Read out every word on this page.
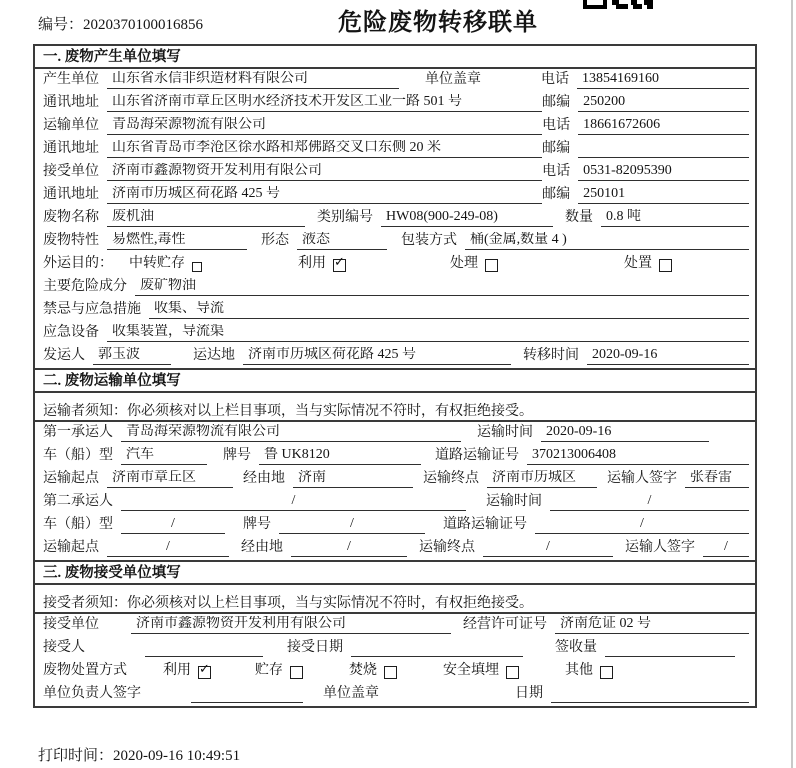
编号：2020370100016856	危险废物转移联单
一. 废物产生单位填写
产生单位 山东省永信非织造材料有限公司	单位盖章	电话 13854169160
通讯地址 山东省济南市章丘区明水经济技术开发区工业一路 501 号	邮编 250200
运输单位 青岛海荣源物流有限公司	电话 18661672606
通讯地址 山东省青岛市李沧区徐水路和郑佛路交叉口东侧 20 米	邮编
接受单位 济南市鑫源物资开发利用有限公司	电话 0531-82095390
通讯地址 济南市历城区荷花路 425 号	邮编 250101
废物名称 废机油	类别编号 HW08(900-249-08)	数量 0.8 吨
废物特性 易燃性,毒性	形态 液态	包装方式 桶(金属,数量 4 )
外运目的： 中转贮存	利用 ✓	处理	处置
主要危险成分 废矿物油
禁忌与应急措施 收集、导流
应急设备 收集装置，导流渠
发运人 郭玉波	运达地 济南市历城区荷花路 425 号	转移时间 2020-09-16
二. 废物运输单位填写
运输者须知：你必须核对以上栏目事项，当与实际情况不符时，有权拒绝接受。
第一承运人 青岛海荣源物流有限公司	运输时间 2020-09-16
车（船）型 汽车	牌号 鲁 UK8120	道路运输证号 370213006408
运输起点 济南市章丘区	经由地 济南	运输终点 济南市历城区	运输人签字 张春雷
第二承运人	/	运输时间	/
车（船）型	/	牌号	/	道路运输证号	/
运输起点	/	经由地	/	运输终点	/	运输人签字	/
三. 废物接受单位填写
接受者须知：你必须核对以上栏目事项，当与实际情况不符时，有权拒绝接受。
接受单位	济南市鑫源物资开发利用有限公司	经营许可证号 济南危证 02 号
接受人	接受日期	签收量
废物处置方式	利用 ✓	贮存	焚烧	安全填埋	其他
单位负责人签字	单位盖章	日期
打印时间：2020-09-16 10:49:51
